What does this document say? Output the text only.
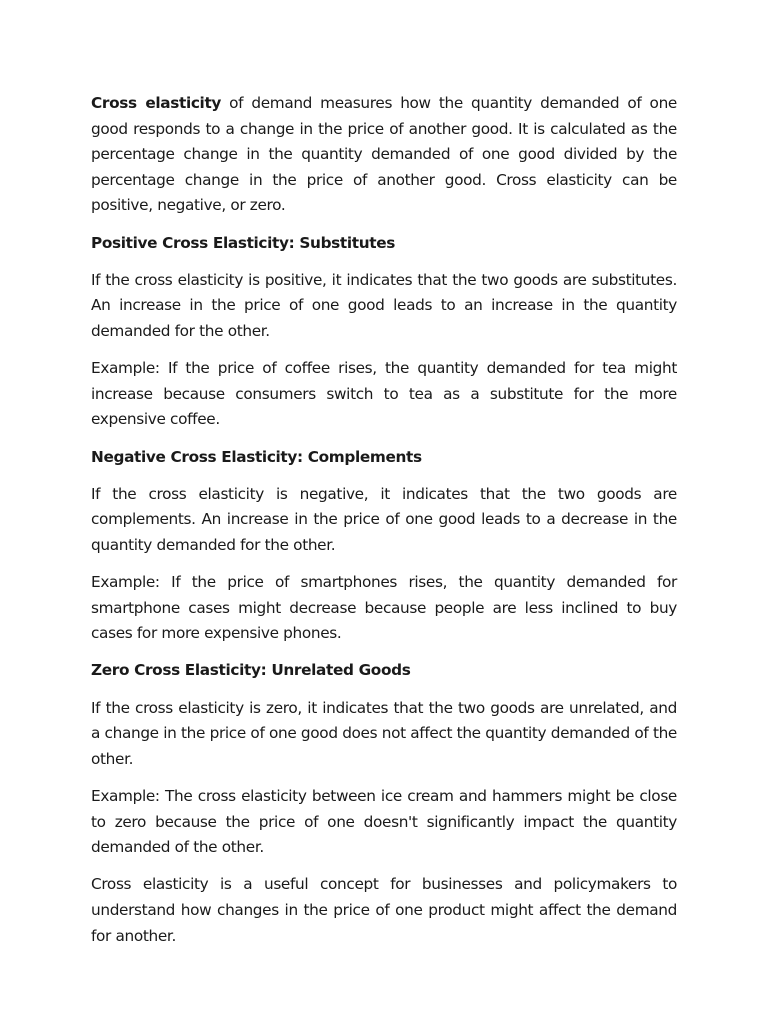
Cross elasticity of demand measures how the quantity demanded of one good responds to a change in the price of another good. It is calculated as the percentage change in the quantity demanded of one good divided by the percentage change in the price of another good. Cross elasticity can be positive, negative, or zero.

Positive Cross Elasticity: Substitutes

If the cross elasticity is positive, it indicates that the two goods are substitutes. An increase in the price of one good leads to an increase in the quantity demanded for the other.

Example: If the price of coffee rises, the quantity demanded for tea might increase because consumers switch to tea as a substitute for the more expensive coffee.

Negative Cross Elasticity: Complements

If the cross elasticity is negative, it indicates that the two goods are complements. An increase in the price of one good leads to a decrease in the quantity demanded for the other.

Example: If the price of smartphones rises, the quantity demanded for smartphone cases might decrease because people are less inclined to buy cases for more expensive phones.

Zero Cross Elasticity: Unrelated Goods

If the cross elasticity is zero, it indicates that the two goods are unrelated, and a change in the price of one good does not affect the quantity demanded of the other.

Example: The cross elasticity between ice cream and hammers might be close to zero because the price of one doesn't significantly impact the quantity demanded of the other.

Cross elasticity is a useful concept for businesses and policymakers to understand how changes in the price of one product might affect the demand for another.
